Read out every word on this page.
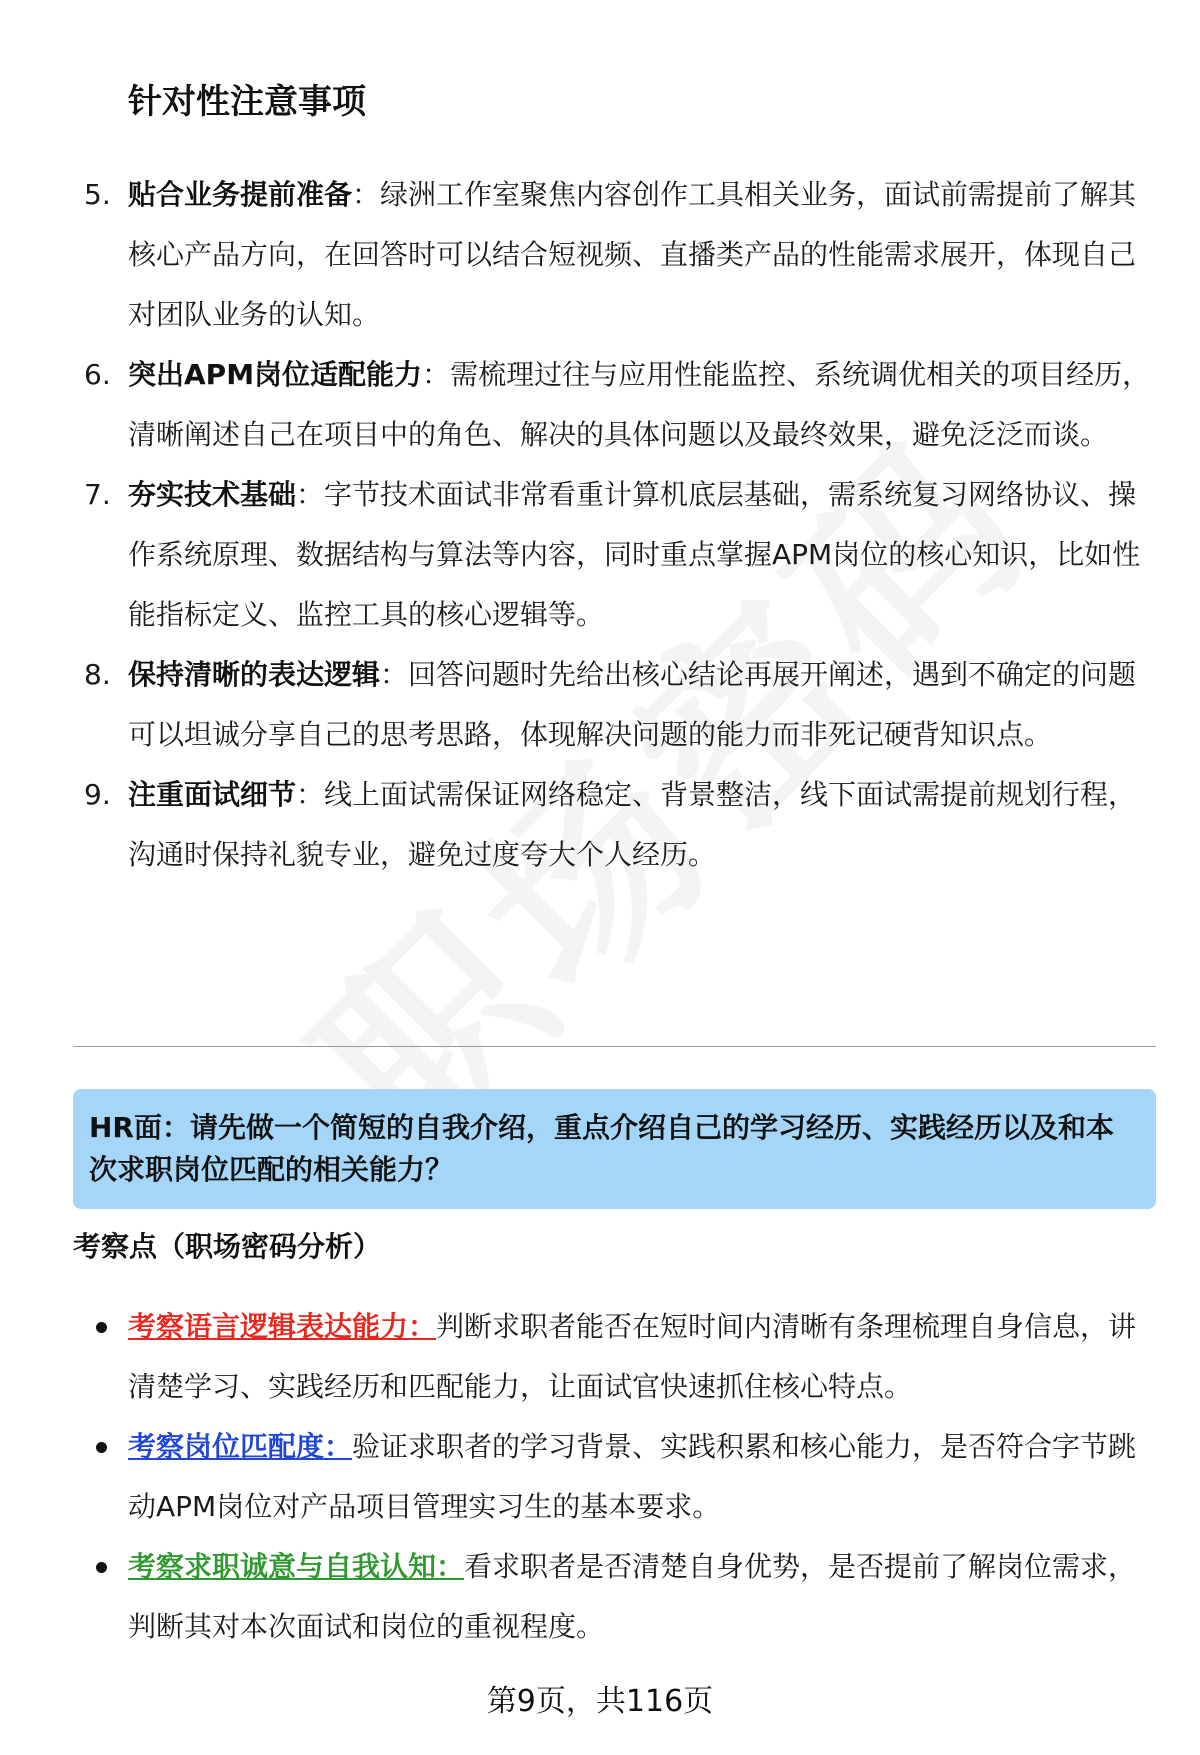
针对性注意事项
5. 贴合业务提前准备：绿洲工作室聚焦内容创作工具相关业务，面试前需提前了解其核心产品方向，在回答时可以结合短视频、直播类产品的性能需求展开，体现自己对团队业务的认知。
6. 突出APM岗位适配能力：需梳理过往与应用性能监控、系统调优相关的项目经历，清晰阐述自己在项目中的角色、解决的具体问题以及最终效果，避免泛泛而谈。
7. 夯实技术基础：字节技术面试非常看重计算机底层基础，需系统复习网络协议、操作系统原理、数据结构与算法等内容，同时重点掌握APM岗位的核心知识，比如性能指标定义、监控工具的核心逻辑等。
8. 保持清晰的表达逻辑：回答问题时先给出核心结论再展开阐述，遇到不确定的问题可以坦诚分享自己的思考思路，体现解决问题的能力而非死记硬背知识点。
9. 注重面试细节：线上面试需保证网络稳定、背景整洁，线下面试需提前规划行程，沟通时保持礼貌专业，避免过度夸大个人经历。
HR面：请先做一个简短的自我介绍，重点介绍自己的学习经历、实践经历以及和本次求职岗位匹配的相关能力？
考察点（职场密码分析）
考察语言逻辑表达能力：判断求职者能否在短时间内清晰有条理梳理自身信息，讲清楚学习、实践经历和匹配能力，让面试官快速抓住核心特点。
考察岗位匹配度：验证求职者的学习背景、实践积累和核心能力，是否符合字节跳动APM岗位对产品项目管理实习生的基本要求。
考察求职诚意与自我认知：看求职者是否清楚自身优势，是否提前了解岗位需求，判断其对本次面试和岗位的重视程度。
第9页，共116页
